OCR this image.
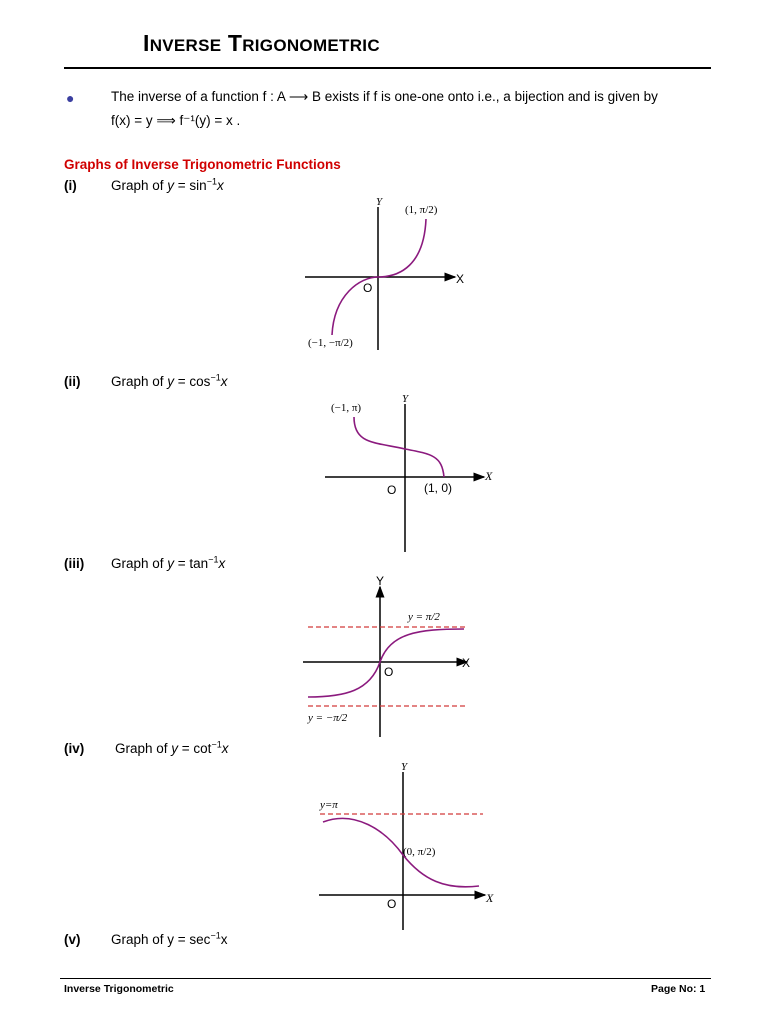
INVERSE TRIGONOMETRIC
●	The inverse of a function f : A ⟶ B exists if f is one-one onto i.e., a bijection and is given by
f(x) = y ⟹ f⁻¹(y) = x .
Graphs of Inverse Trigonometric Functions
(i)	Graph of $y = \sin^{-1}x$
(ii) Graph of $y = \cos^{-1}x$
(iii) Graph of $y = \tan^{-1}x$
(iv) Graph of $y = \cot^{-1}x$
(v) Graph of $y = \sec^{-1}x$
Y
X
O
(1, π/2)
(−1, −π/2)
Y
X
O
(−1, π)
(1, 0)
Y
X
O
y = π/2
y = −π/2
Y
X
O
y=π
(0, π/2)
Inverse Trigonometric	Page No: 1
